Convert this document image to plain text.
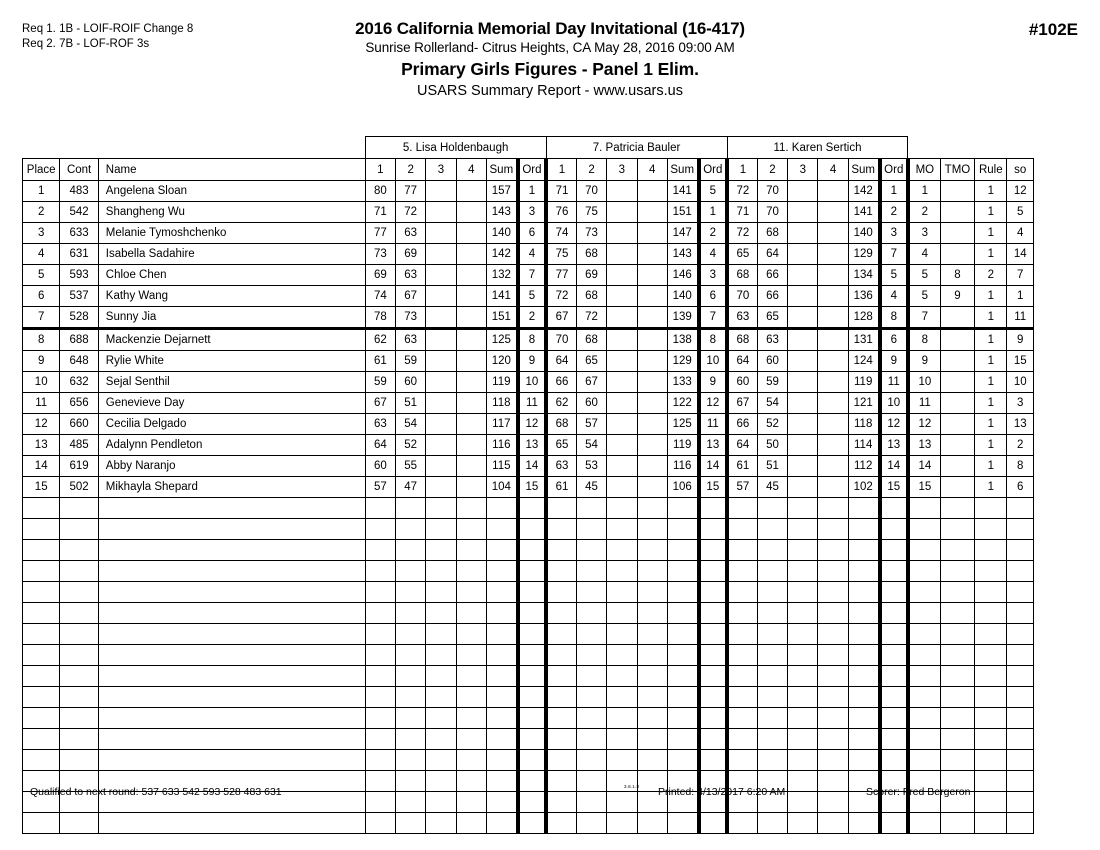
Req 1. 1B - LOIF-ROIF Change 8
Req 2. 7B - LOF-ROF 3s
2016 California Memorial Day Invitational (16-417)
Sunrise Rollerland- Citrus Heights, CA May 28, 2016 09:00 AM
Primary Girls Figures - Panel 1 Elim.
USARS Summary Report - www.usars.us
#102E
			5. Lisa Holdenbaugh						7. Patricia Bauler						11. Karen Sertich									
Place	Cont	Name	1	2	3	4	Sum	Ord	1	2	3	4	Sum	Ord	1	2	3	4	Sum	Ord	MO	TMO	Rule	so
1	483	Angelena Sloan	80	77			157	1	71	70			141	5	72	70			142	1	1		1	12
2	542	Shangheng Wu	71	72			143	3	76	75			151	1	71	70			141	2	2		1	5
3	633	Melanie Tymoshchenko	77	63			140	6	74	73			147	2	72	68			140	3	3		1	4
4	631	Isabella Sadahire	73	69			142	4	75	68			143	4	65	64			129	7	4		1	14
5	593	Chloe Chen	69	63			132	7	77	69			146	3	68	66			134	5	5	8	2	7
6	537	Kathy Wang	74	67			141	5	72	68			140	6	70	66			136	4	5	9	1	1
7	528	Sunny Jia	78	73			151	2	67	72			139	7	63	65			128	8	7		1	11
8	688	Mackenzie Dejarnett	62	63			125	8	70	68			138	8	68	63			131	6	8		1	9
9	648	Rylie White	61	59			120	9	64	65			129	10	64	60			124	9	9		1	15
10	632	Sejal Senthil	59	60			119	10	66	67			133	9	60	59			119	11	10		1	10
11	656	Genevieve Day	67	51			118	11	62	60			122	12	67	54			121	10	11		1	3
12	660	Cecilia Delgado	63	54			117	12	68	57			125	11	66	52			118	12	12		1	13
13	485	Adalynn Pendleton	64	52			116	13	65	54			119	13	64	50			114	13	13		1	2
14	619	Abby Naranjo	60	55			115	14	63	53			116	14	61	51			112	14	14		1	8
15	502	Mikhayla Shepard	57	47			104	15	61	45			106	15	57	45			102	15	15		1	6

Qualified to next round: 537 633 542 593 528 483 631	3.8.1.8 Printed: 4/13/2017 6:20 AM	Scorer: Fred Bergeron
